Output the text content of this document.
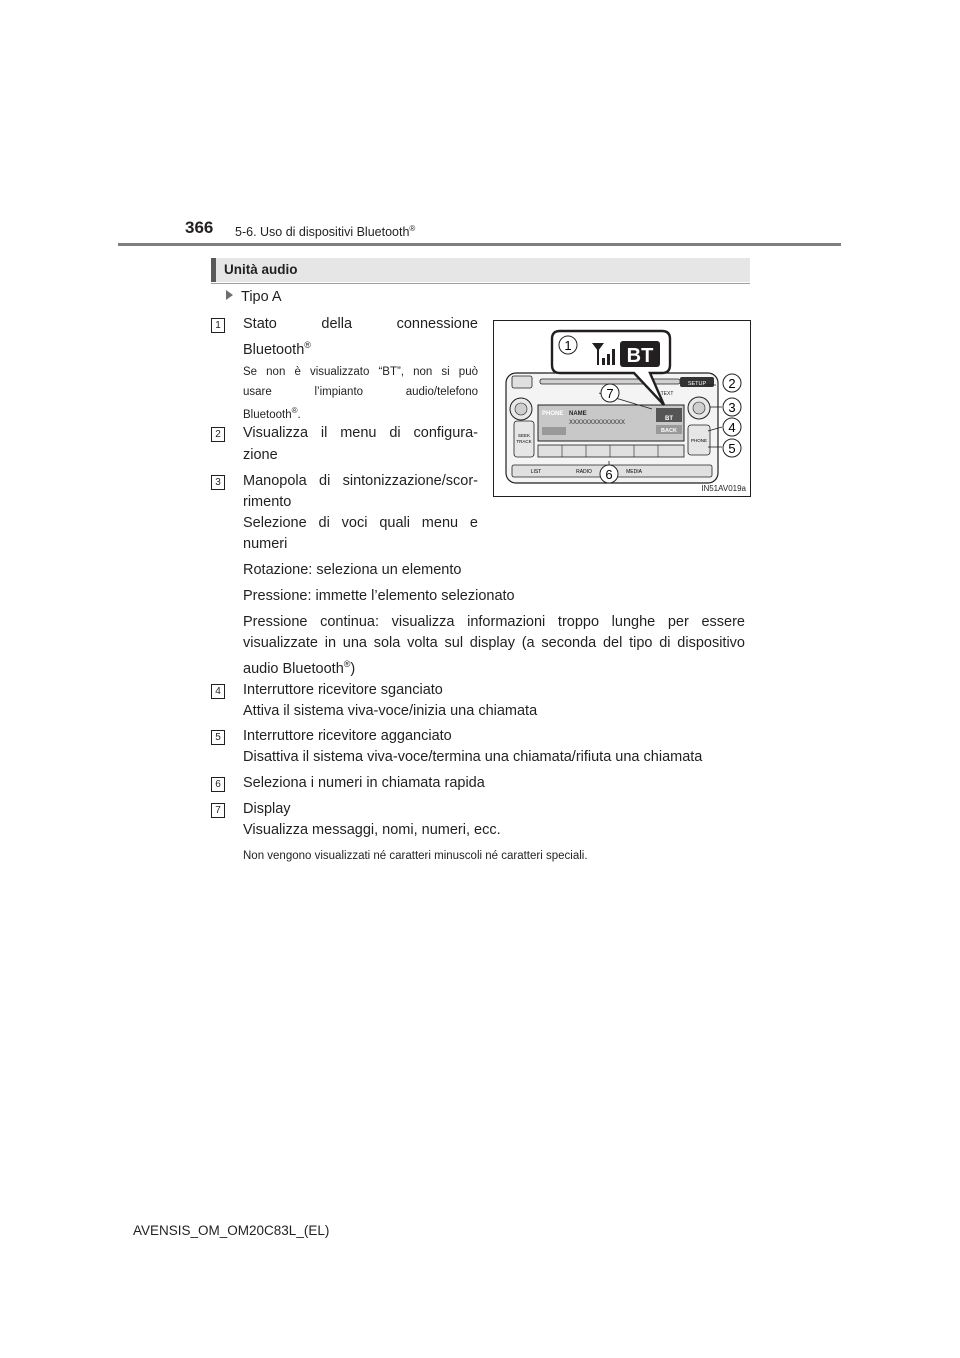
366 5-6. Uso di dispositivi Bluetooth®
Unità audio
Tipo A
1 Stato della connessione
Bluetooth®
Se non è visualizzato “BT”, non si può
usare l’impianto audio/telefono
Bluetooth®.
2 Visualizza il menu di configura-
zione
3 Manopola di sintonizzazione/scor-
rimento
Selezione di voci quali menu e
numeri
Rotazione: seleziona un elemento
Pressione: immette l’elemento selezionato
Pressione continua: visualizza informazioni troppo lunghe per essere
visualizzate in una sola volta sul display (a seconda del tipo di dispositivo
audio Bluetooth®)
4 Interruttore ricevitore sganciato
Attiva il sistema viva-voce/inizia una chiamata
5 Interruttore ricevitore agganciato
Disattiva il sistema viva-voce/termina una chiamata/rifiuta una chiamata
6 Seleziona i numeri in chiamata rapida
7 Display
Visualizza messaggi, nomi, numeri, ecc.
Non vengono visualizzati né caratteri minuscoli né caratteri speciali.
SETUP
TEXT
PHONE NAME
XXXXXXXXXXXXXX
BT
BACK
SEEK
TRACK	PHONE
LIST	RADIO	MEDIA
BT
1
7
2
3
4
5
6
IN51AV019a
AVENSIS_OM_OM20C83L_(EL)
